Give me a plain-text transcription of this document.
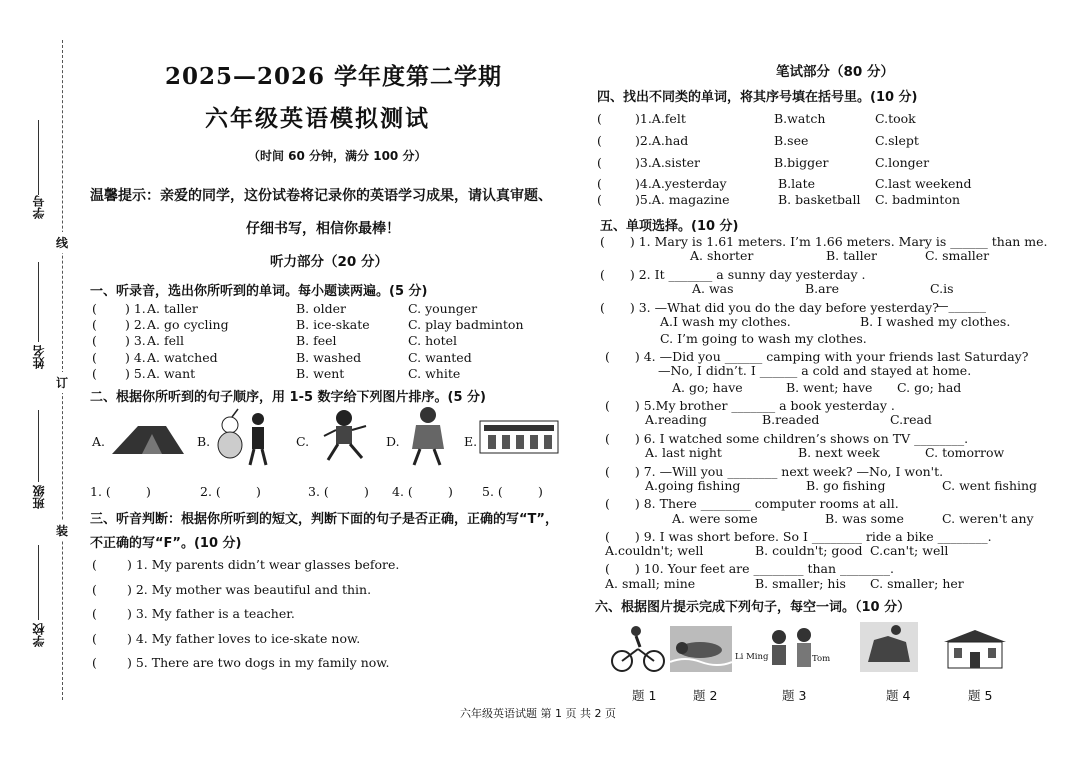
学号
线
姓名
订
班级
装
学校
2025—2026 学年度第二学期
六年级英语模拟测试
（时间 60 分钟，满分 100 分）
温馨提示：亲爱的同学，这份试卷将记录你的英语学习成果，请认真审题、
仔细书写，相信你最棒！
听力部分（20 分）
一、听录音，选出你所听到的单词。每小题读两遍。(5 分)
( ) 1. A. taller	B. older	C. younger
( ) 2. A. go cycling	B. ice-skate	C. play badminton
( ) 3. A. fell	B. feel	C. hotel
( ) 4. A. watched	B. washed	C. wanted
( ) 5. A. want	B. went	C. white
二、根据你所听到的句子顺序，用 1-5 数字给下列图片排序。(5 分)
A.	B.	C.	D.	E.
1. (	)	2. (	)	3. (	) 4. (	) 5. (	)
三、听音判断：根据你所听到的短文，判断下面的句子是否正确，正确的写“T”，
不正确的写“F”。(10 分)
( ) 1. My parents didn’t wear glasses before.
( ) 2. My mother was beautiful and thin.
( ) 3. My father is a teacher.
( ) 4. My father loves to ice-skate now.
( ) 5. There are two dogs in my family now.
笔试部分（80 分）
四、找出不同类的单词，将其序号填在括号里。(10 分)
(	)1.A.felt	B.watch	C.took
(	)2.A.had	B.see	C.slept
(	)3.A.sister	B.bigger	C.longer
(	)4.A.yesterday	B.late	C.last weekend
(	)5.A. magazine	B. basketball C. badminton
五、单项选择。(10 分)
(　　) 1. Mary is 1.61 meters. I’m 1.66 meters. Mary is ______ than me.
A. shorter	B. taller	C. smaller
(　　) 2. It _______ a sunny day yesterday .
A. was	B.are	C.is
(　　) 3. —What did you do the day before yesterday?
—______
A.I wash my clothes.	B. I washed my clothes.
C. I’m going to wash my clothes.
(　　) 4. —Did you ______ camping with your friends last Saturday?
—No, I didn’t. I ______ a cold and stayed at home.
A. go; have	B. went; have C. go; had
(　　) 5.My brother _______ a book yesterday .
A.reading	B.readed	C.read
(　　) 6. I watched some children’s shows on TV ________.
A. last night	B. next week	C. tomorrow
(　　) 7. —Will you ________ next week? —No, I won't.
A.going fishing	B. go fishing	C. went fishing
(　　) 8. There ________ computer rooms at all.
A. were some	B. was some	C. weren't any
(　　) 9. I was short before. So I ________ ride a bike ________.
A.couldn't; well	B. couldn't; good C.can't; well
(　　) 10. Your feet are ________ than ________.
A. small; mine	B. smaller; his C. smaller; her
六、根据图片提示完成下列句子，每空一词。（10 分）
Li Ming	Tom
题 1	题 2	题 3	题 4	题 5
六年级英语试题 第 1 页 共 2 页
